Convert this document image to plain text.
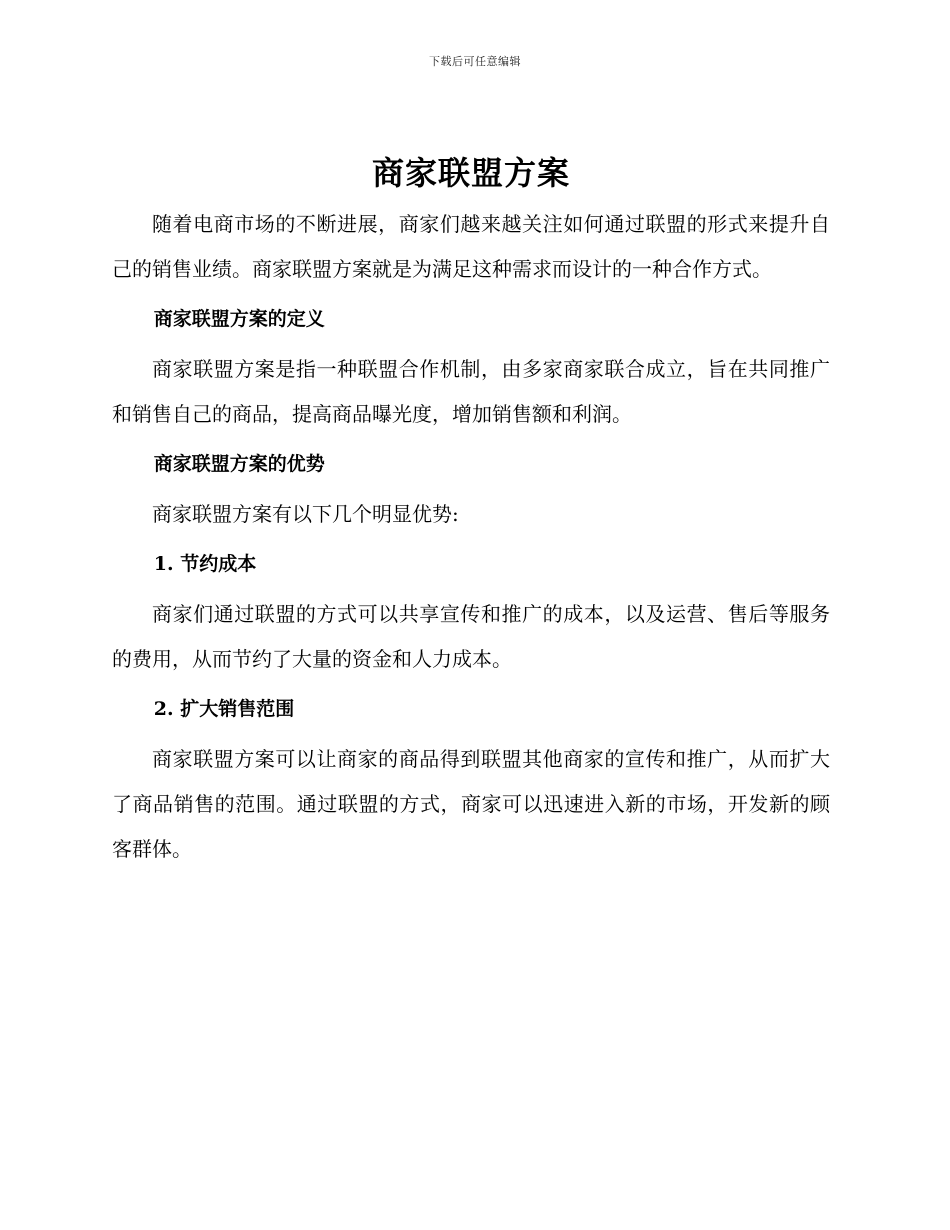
下载后可任意编辑
商家联盟方案

随着电商市场的不断进展，商家们越来越关注如何通过联盟的形式来提升自己的销售业绩。商家联盟方案就是为满足这种需求而设计的一种合作方式。

商家联盟方案的定义

商家联盟方案是指一种联盟合作机制，由多家商家联合成立，旨在共同推广和销售自己的商品，提高商品曝光度，增加销售额和利润。

商家联盟方案的优势

商家联盟方案有以下几个明显优势:

1. 节约成本

商家们通过联盟的方式可以共享宣传和推广的成本，以及运营、售后等服务的费用，从而节约了大量的资金和人力成本。

2. 扩大销售范围

商家联盟方案可以让商家的商品得到联盟其他商家的宣传和推广，从而扩大了商品销售的范围。通过联盟的方式，商家可以迅速进入新的市场，开发新的顾客群体。
